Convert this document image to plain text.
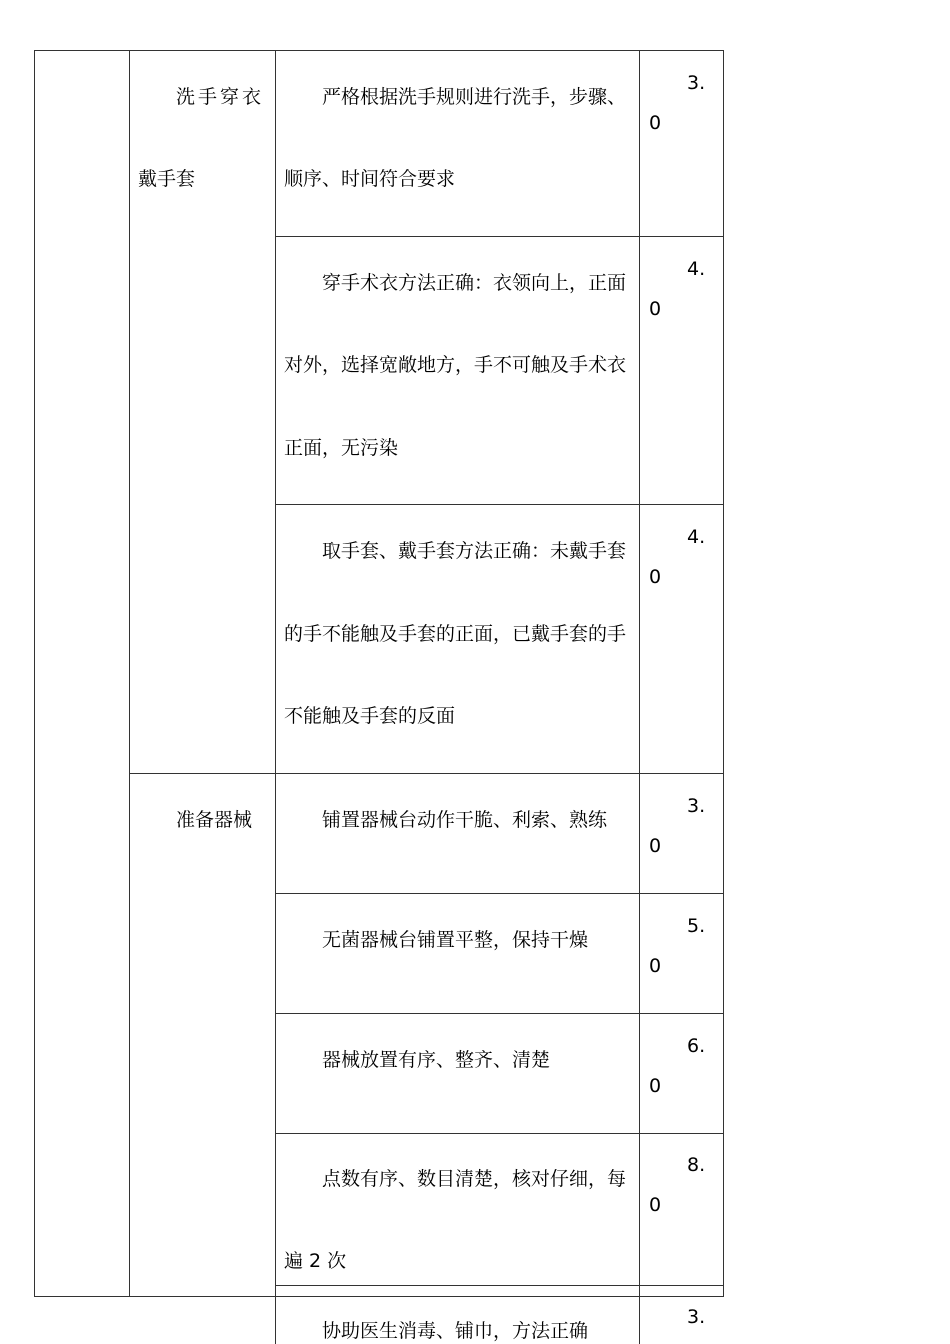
洗手穿衣
戴手套
严格根据洗手规则进行洗手，步骤、
顺序、时间符合要求
3.
0
穿手术衣方法正确：衣领向上，正面
对外，选择宽敞地方，手不可触及手术衣
正面，无污染
4.
0
取手套、戴手套方法正确：未戴手套
的手不能触及手套的正面，已戴手套的手
不能触及手套的反面
4.
0
准备器械	铺置器械台动作干脆、利索、熟练
3.
0
无菌器械台铺置平整，保持干燥
5.
0
器械放置有序、整齐、清楚
6.
0
点数有序、数目清楚，核对仔细，每
遍 2 次
8.
0
协助医生消毒、铺巾，方法正确
3.
